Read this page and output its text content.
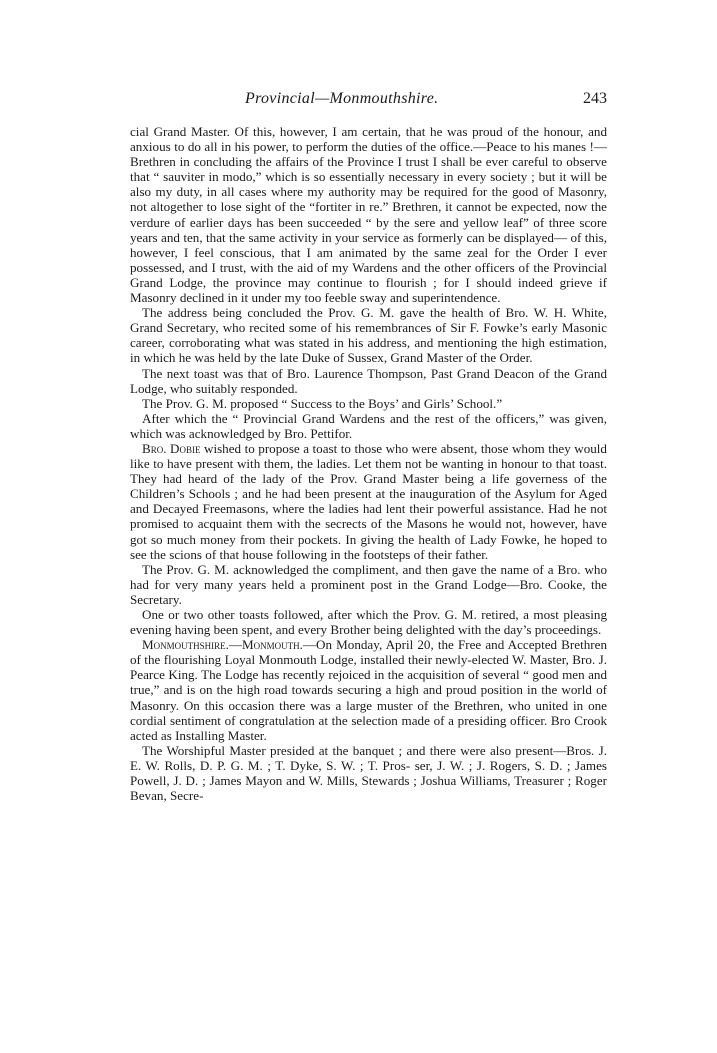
Provincial—Monmouthshire.	243

cial Grand Master. Of this, however, I am certain, that he was proud of the honour, and anxious to do all in his power, to perform the duties of the office.—Peace to his manes !—Brethren in concluding the affairs of the Province I trust I shall be ever careful to observe that “ sauviter in modo,” which is so essentially necessary in every society ; but it will be also my duty, in all cases where my authority may be required for the good of Masonry, not altogether to lose sight of the “fortiter in re.” Brethren, it cannot be expected, now the verdure of earlier days has been succeeded “ by the sere and yellow leaf” of three score years and ten, that the same activity in your service as formerly can be displayed— of this, however, I feel conscious, that I am animated by the same zeal for the Order I ever possessed, and I trust, with the aid of my Wardens and the other officers of the Provincial Grand Lodge, the province may continue to flourish ; for I should indeed grieve if Masonry declined in it under my too feeble sway and superintendence.

The address being concluded the Prov. G. M. gave the health of Bro. W. H. White, Grand Secretary, who recited some of his remembrances of Sir F. Fowke’s early Masonic career, corroborating what was stated in his address, and mentioning the high estimation, in which he was held by the late Duke of Sussex, Grand Master of the Order.

The next toast was that of Bro. Laurence Thompson, Past Grand Deacon of the Grand Lodge, who suitably responded.

The Prov. G. M. proposed “ Success to the Boys’ and Girls’ School.”

After which the “ Provincial Grand Wardens and the rest of the officers,” was given, which was acknowledged by Bro. Pettifor.

Bro. Dobie wished to propose a toast to those who were absent, those whom they would like to have present with them, the ladies. Let them not be wanting in honour to that toast. They had heard of the lady of the Prov. Grand Master being a life governess of the Children’s Schools ; and he had been present at the inauguration of the Asylum for Aged and Decayed Freemasons, where the ladies had lent their powerful assistance. Had he not promised to acquaint them with the secrects of the Masons he would not, however, have got so much money from their pockets. In giving the health of Lady Fowke, he hoped to see the scions of that house following in the footsteps of their father.

The Prov. G. M. acknowledged the compliment, and then gave the name of a Bro. who had for very many years held a prominent post in the Grand Lodge—Bro. Cooke, the Secretary.

One or two other toasts followed, after which the Prov. G. M. retired, a most pleasing evening having been spent, and every Brother being delighted with the day’s proceedings.

Monmouthshire.—Monmouth.—On Monday, April 20, the Free and Accepted Brethren of the flourishing Loyal Monmouth Lodge, installed their newly-elected W. Master, Bro. J. Pearce King. The Lodge has recently rejoiced in the acquisition of several “ good men and true,” and is on the high road towards securing a high and proud position in the world of Masonry. On this occasion there was a large muster of the Brethren, who united in one cordial sentiment of congratulation at the selection made of a presiding officer. Bro Crook acted as Installing Master.

The Worshipful Master presided at the banquet ; and there were also present—Bros. J. E. W. Rolls, D. P. G. M. ; T. Dyke, S. W. ; T. Pros- ser, J. W. ; J. Rogers, S. D. ; James Powell, J. D. ; James Mayon and W. Mills, Stewards ; Joshua Williams, Treasurer ; Roger Bevan, Secre-
